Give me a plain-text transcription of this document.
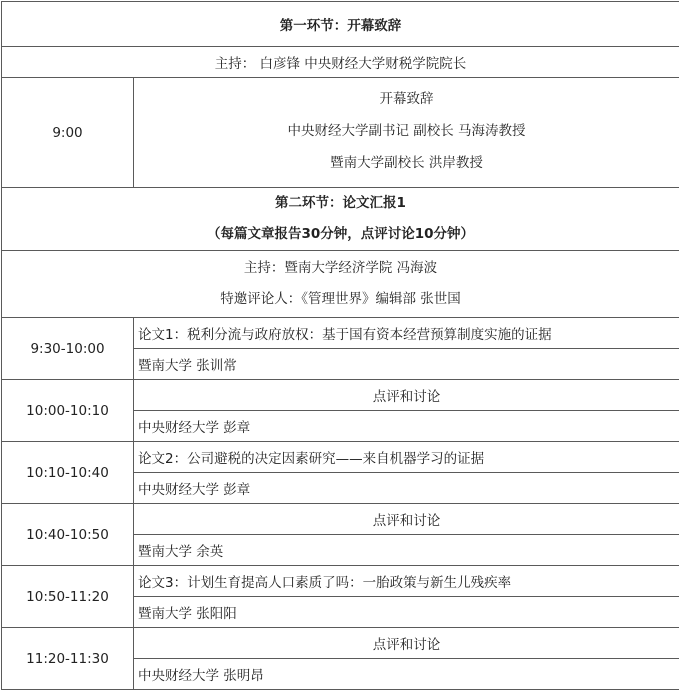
第一环节：开幕致辞	
主持： 白彦锋 中央财经大学财税学院院长	
9:00	开幕致辞
中央财经大学副书记 副校长 马海涛教授
暨南大学副校长 洪岸教授

第二环节：论文汇报1
（每篇文章报告30分钟，点评讨论10分钟）	

主持：暨南大学经济学院 冯海波
特邀评论人：《管理世界》编辑部 张世国	

9:30-10:00	论文1：税利分流与政府放权：基于国有资本经营预算制度实施的证据
	暨南大学 张训常
10:00-10:10	点评和讨论
	中央财经大学 彭章
10:10-10:40	论文2：公司避税的决定因素研究——来自机器学习的证据
	中央财经大学 彭章
10:40-10:50	点评和讨论
	暨南大学 余英
10:50-11:20	论文3：计划生育提高人口素质了吗：一胎政策与新生儿残疾率
	暨南大学 张阳阳
11:20-11:30	点评和讨论
	中央财经大学 张明昂
